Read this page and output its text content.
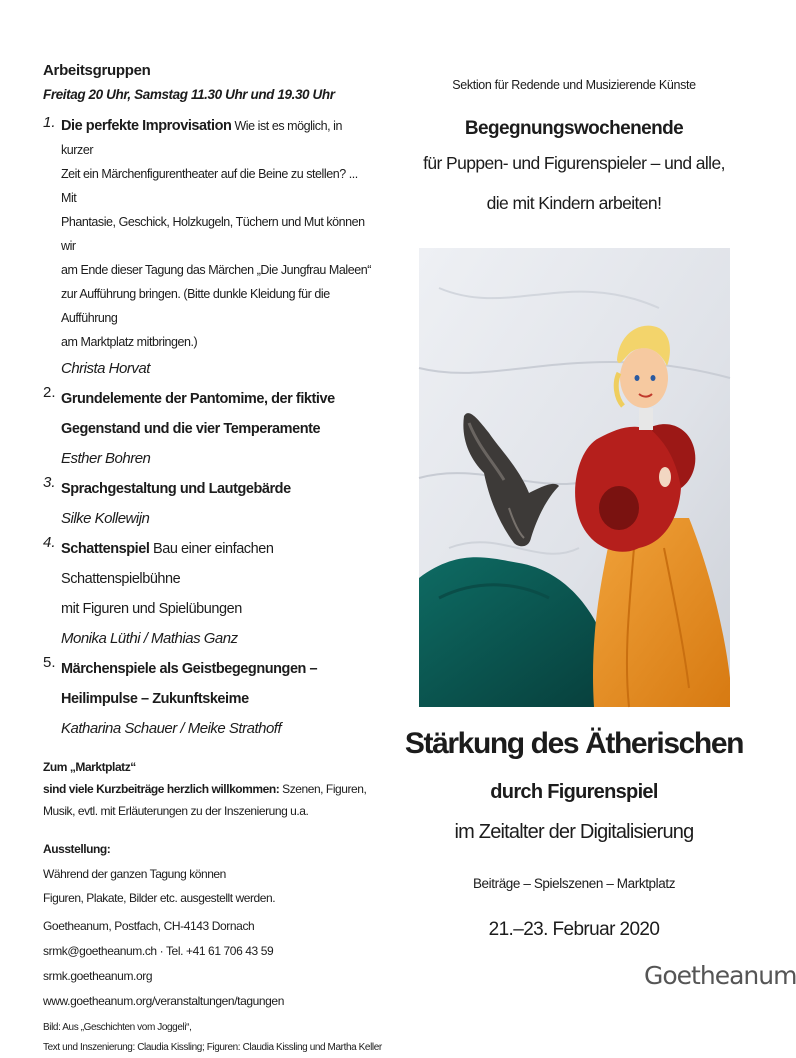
Arbeitsgruppen
Freitag 20 Uhr, Samstag 11.30 Uhr und 19.30 Uhr
1. Die perfekte Improvisation Wie ist es möglich, in kurzer
Zeit ein Märchenfigurentheater auf die Beine zu stellen? ... Mit
Phantasie, Geschick, Holzkugeln, Tüchern und Mut können wir
am Ende dieser Tagung das Märchen „Die Jungfrau Maleen“
zur Aufführung bringen. (Bitte dunkle Kleidung für die Aufführung
am Marktplatz mitbringen.)
Christa Horvat
2. Grundelemente der Pantomime, der fiktive
Gegenstand und die vier Temperamente
Esther Bohren
3. Sprachgestaltung und Lautgebärde
Silke Kollewijn
4. Schattenspiel Bau einer einfachen Schattenspielbühne
mit Figuren und Spielübungen
Monika Lüthi / Mathias Ganz
5. Märchenspiele als Geistbegegnungen –
Heilimpulse – Zukunftskeime
Katharina Schauer / Meike Strathoff
Zum „Marktplatz“
sind viele Kurzbeiträge herzlich willkommen: Szenen, Figuren,
Musik, evtl. mit Erläuterungen zu der Inszenierung u.a.
Ausstellung:
Während der ganzen Tagung können
Figuren, Plakate, Bilder etc. ausgestellt werden.
Goetheanum, Postfach, CH-4143 Dornach
srmk@goetheanum.ch · Tel. +41 61 706 43 59
srmk.goetheanum.org
www.goetheanum.org/veranstaltungen/tagungen
Bild: Aus „Geschichten vom Joggeli“,
Text und Inszenierung: Claudia Kissling; Figuren: Claudia Kissling und Martha Keller
Sektion für Redende und Musizierende Künste
Begegnungswochenende
für Puppen- und Figurenspieler – und alle,
die mit Kindern arbeiten!
Stärkung des Ätherischen
durch Figurenspiel
im Zeitalter der Digitalisierung
Beiträge – Spielszenen – Marktplatz
21.–23. Februar 2020
Goetheanum
